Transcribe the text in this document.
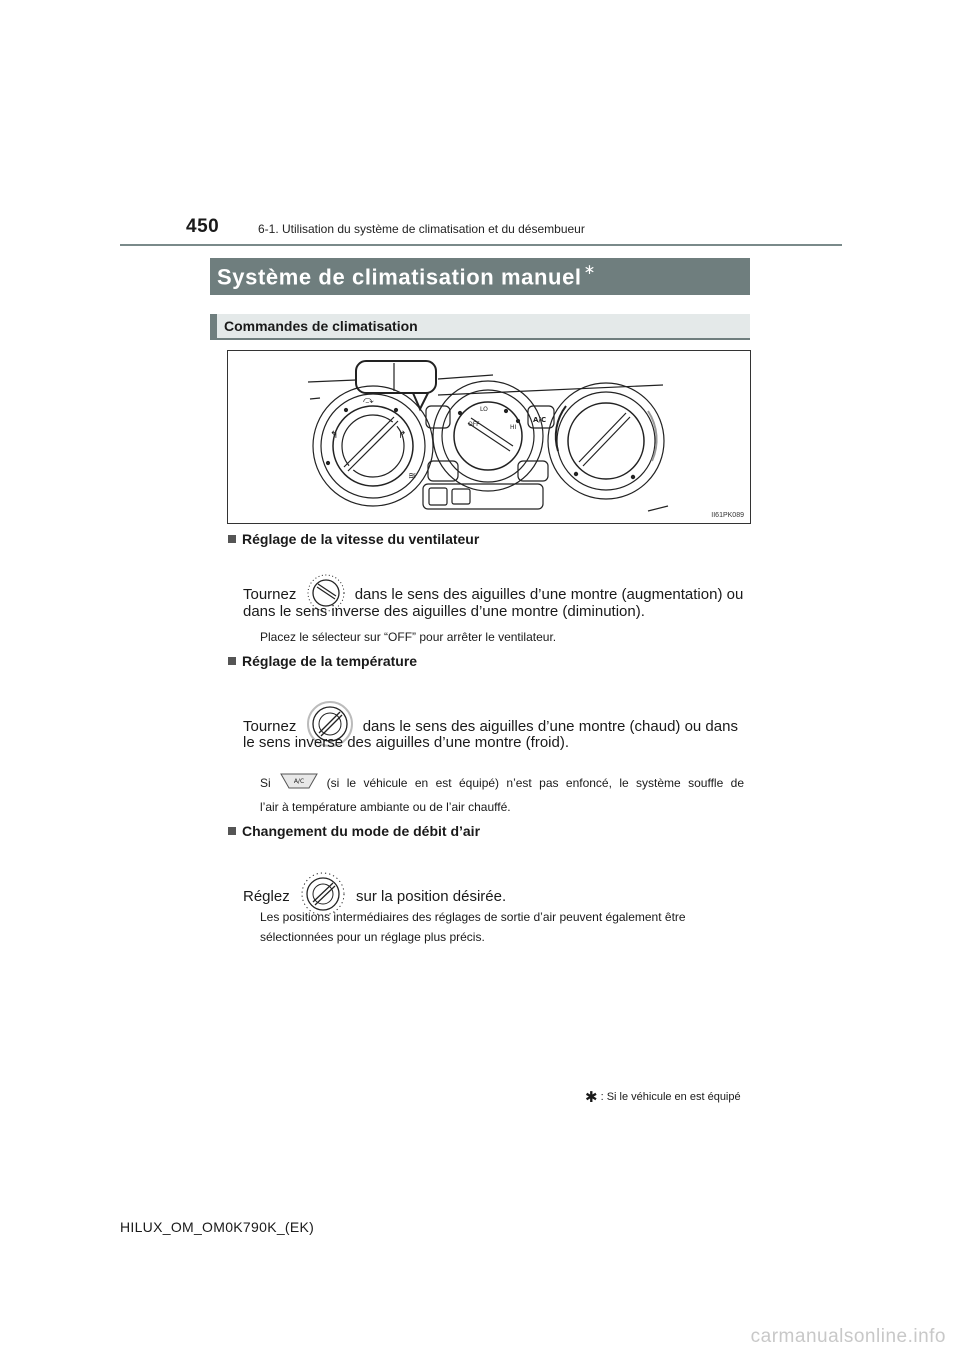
450	6-1. Utilisation du système de climatisation et du désembueur
Système de climatisation manuel ∗
Commandes de climatisation
↰
⤼
↱
≋
OFF
LO
HI
A/C
II61PK089
Réglage de la vitesse du ventilateur
Tournez	dans le sens des aiguilles d’une montre (augmentation) ou
dans le sens inverse des aiguilles d’une montre (diminution).
Placez le sélecteur sur “OFF” pour arrêter le ventilateur.
Réglage de la température
Tournez	dans le sens des aiguilles d’une montre (chaud) ou dans
le sens inverse des aiguilles d’une montre (froid).
Si	A/C (si le véhicule en est équipé) n’est pas enfoncé, le système souffle de
l’air à température ambiante ou de l’air chauffé.
Changement du mode de débit d’air
Réglez	sur la position désirée.
Les positions intermédiaires des réglages de sortie d’air peuvent également être
sélectionnées pour un réglage plus précis.
✱ : Si le véhicule en est équipé
HILUX_OM_OM0K790K_(EK)
carmanualsonline.info
